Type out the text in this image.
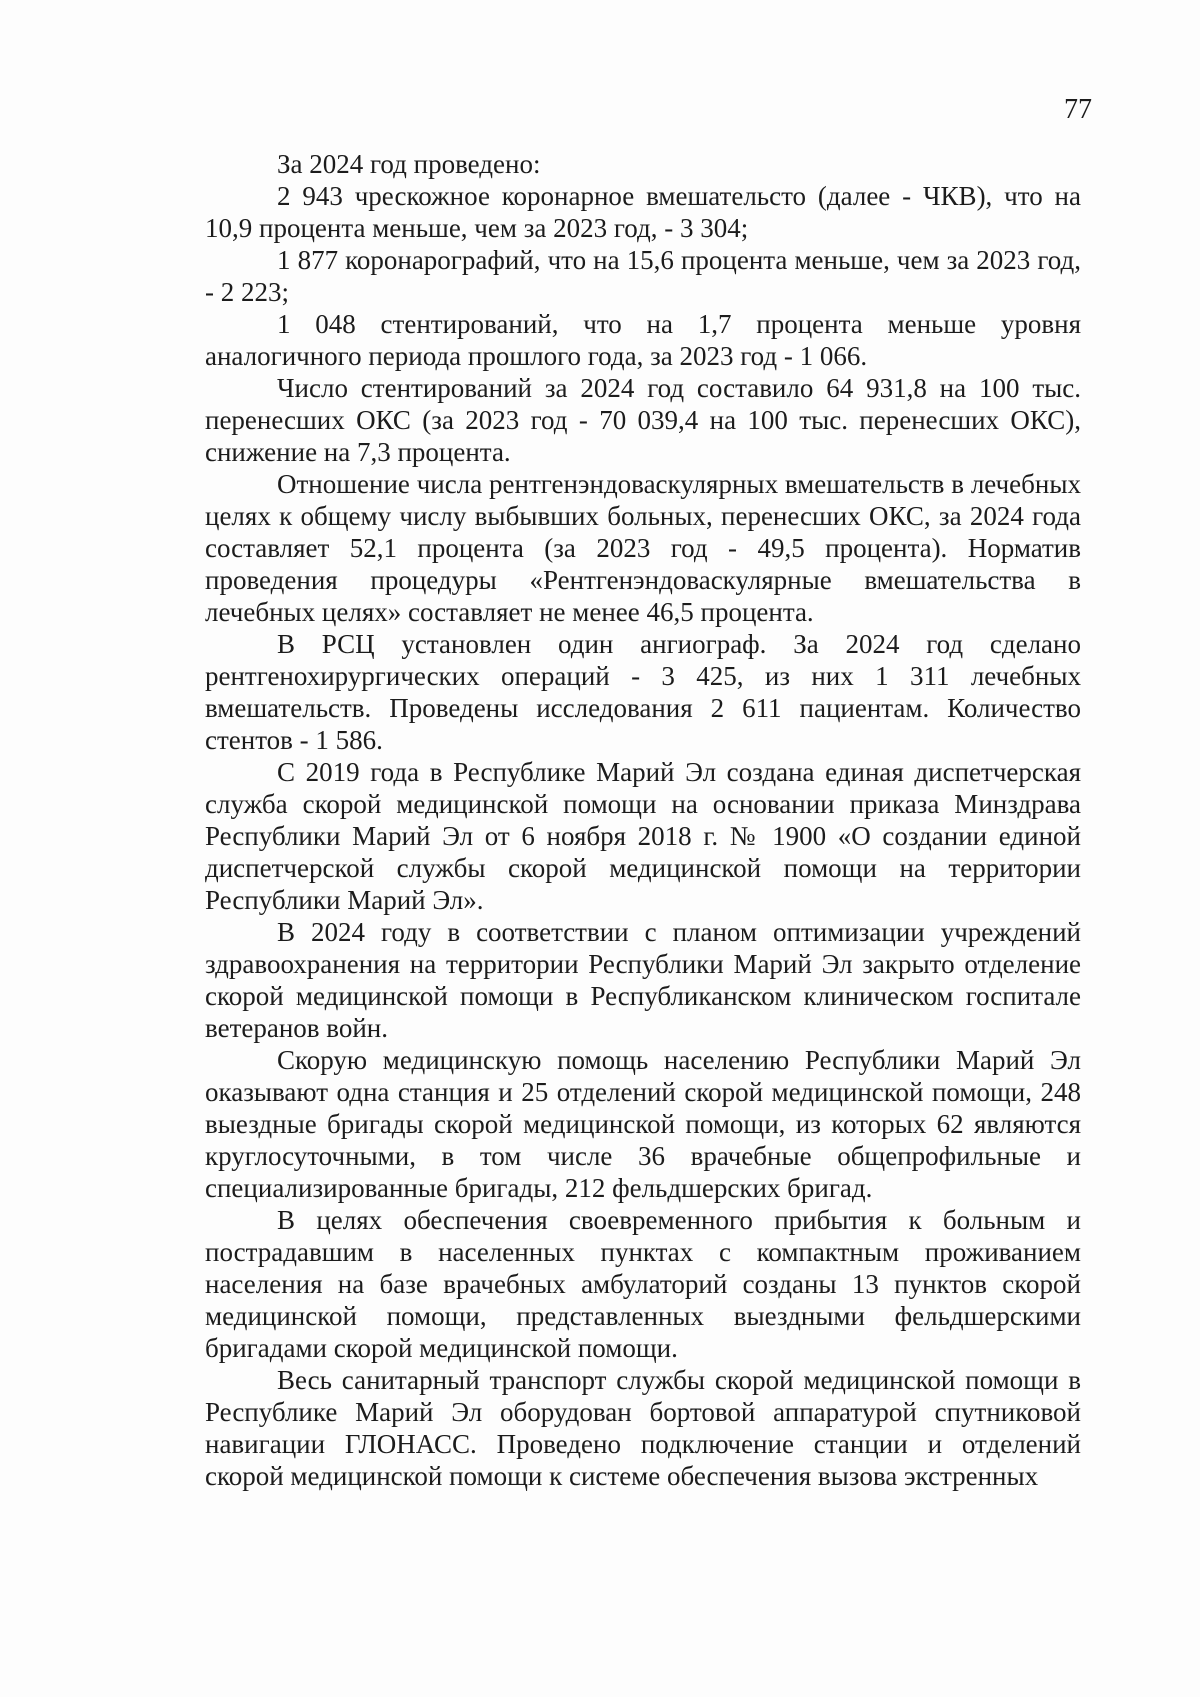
77

За 2024 год проведено:

2 943 чрескожное коронарное вмешательсто (далее - ЧКВ), что на 10,9 процента меньше, чем за 2023 год, - 3 304;

1 877 коронарографий, что на 15,6 процента меньше, чем за 2023 год, - 2 223;

1 048 стентирований, что на 1,7 процента меньше уровня аналогичного периода прошлого года, за 2023 год - 1 066.

Число стентирований за 2024 год составило 64 931,8 на 100 тыс. перенесших ОКС (за 2023 год - 70 039,4 на 100 тыс. перенесших ОКС), снижение на 7,3 процента.

Отношение числа рентгенэндоваскулярных вмешательств в лечебных целях к общему числу выбывших больных, перенесших ОКС, за 2024 года составляет 52,1 процента (за 2023 год - 49,5 процента). Норматив проведения процедуры «Рентгенэндоваскулярные вмешательства в лечебных целях» составляет не менее 46,5 процента.

В РСЦ установлен один ангиограф. За 2024 год сделано рентгенохирургических операций - 3 425, из них 1 311 лечебных вмешательств. Проведены исследования 2 611 пациентам. Количество стентов - 1 586.

С 2019 года в Республике Марий Эл создана единая диспетчерская служба скорой медицинской помощи на основании приказа Минздрава Республики Марий Эл от 6 ноября 2018 г. № 1900 «О создании единой диспетчерской службы скорой медицинской помощи на территории Республики Марий Эл».

В 2024 году в соответствии с планом оптимизации учреждений здравоохранения на территории Республики Марий Эл закрыто отделение скорой медицинской помощи в Республиканском клиническом госпитале ветеранов войн.

Скорую медицинскую помощь населению Республики Марий Эл оказывают одна станция и 25 отделений скорой медицинской помощи, 248 выездные бригады скорой медицинской помощи, из которых 62 являются круглосуточными, в том числе 36 врачебные общепрофильные и специализированные бригады, 212 фельдшерских бригад.

В целях обеспечения своевременного прибытия к больным и пострадавшим в населенных пунктах с компактным проживанием населения на базе врачебных амбулаторий созданы 13 пунктов скорой медицинской помощи, представленных выездными фельдшерскими бригадами скорой медицинской помощи.

Весь санитарный транспорт службы скорой медицинской помощи в Республике Марий Эл оборудован бортовой аппаратурой спутниковой навигации ГЛОНАСС. Проведено подключение станции и отделений скорой медицинской помощи к системе обеспечения вызова экстренных
